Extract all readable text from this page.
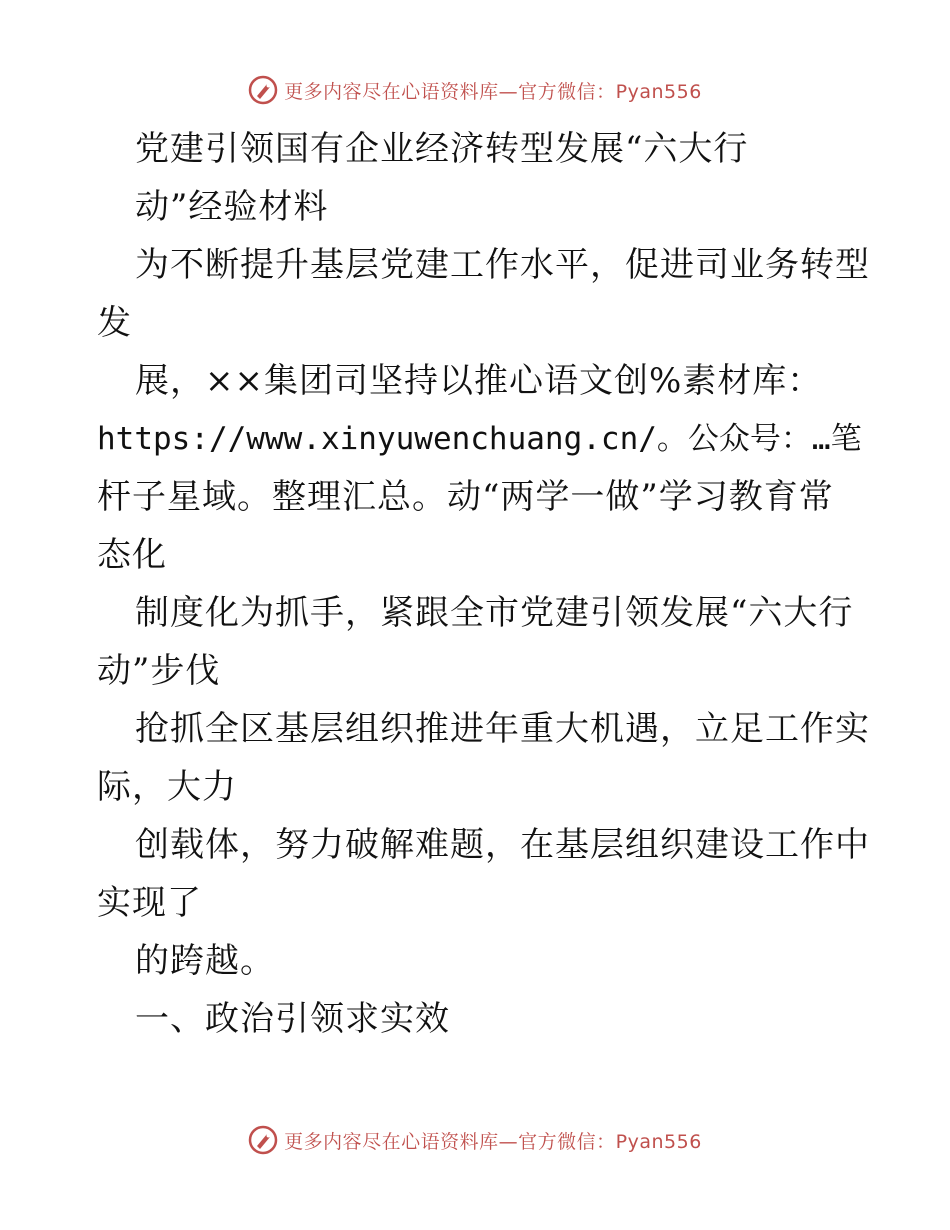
更多内容尽在心语资料库—官方微信：Pyan556
党建引领国有企业经济转型发展“六大行
动”经验材料
为不断提升基层党建工作水平，促进司业务转型
发
展，××集团司坚持以推心语文创%素材库：
https://www.xinyuwenchuang.cn/。公众号：…笔
杆子星域。整理汇总。动“两学一做”学习教育常
态化
制度化为抓手，紧跟全市党建引领发展“六大行
动”步伐
抢抓全区基层组织推进年重大机遇，立足工作实
际，大力
创载体，努力破解难题，在基层组织建设工作中
实现了
的跨越。
一、政治引领求实效
更多内容尽在心语资料库—官方微信：Pyan556
